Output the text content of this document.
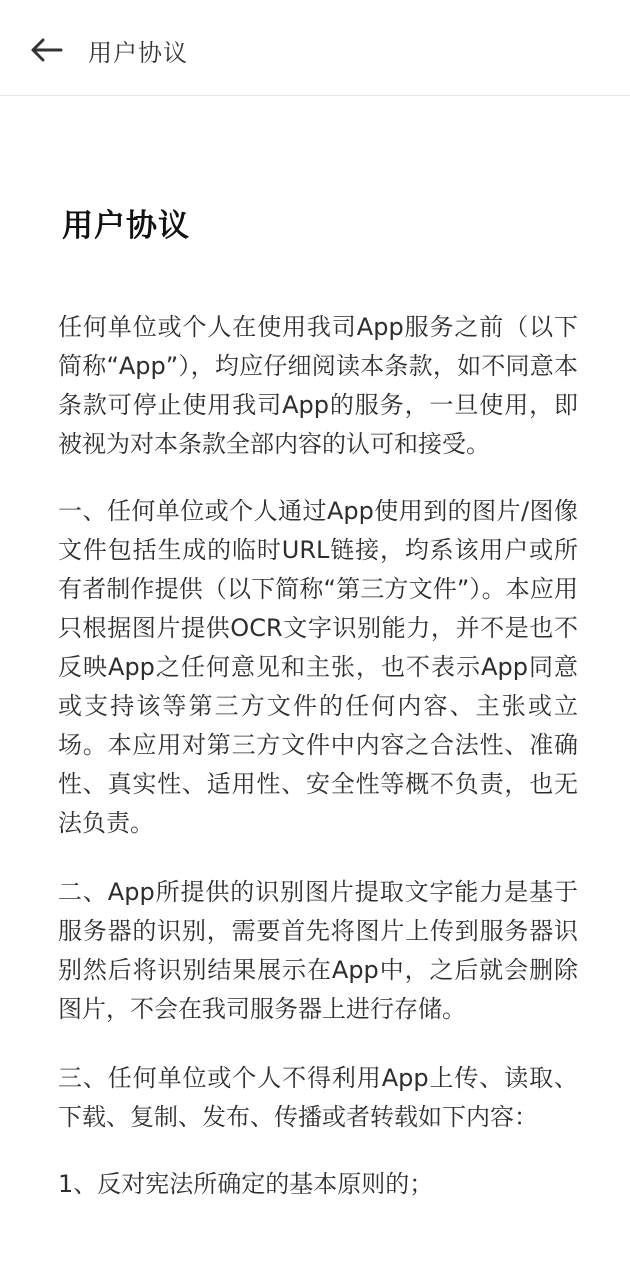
用户协议
用户协议

任何单位或个人在使用我司App服务之前（以下简称“App”），均应仔细阅读本条款，如不同意本条款可停止使用我司App的服务，一旦使用，即被视为对本条款全部内容的认可和接受。

一、任何单位或个人通过App使用到的图片/图像文件包括生成的临时URL链接，均系该用户或所有者制作提供（以下简称“第三方文件”）。本应用只根据图片提供OCR文字识别能力，并不是也不反映App之任何意见和主张，也不表示App同意或支持该等第三方文件的任何内容、主张或立场。本应用对第三方文件中内容之合法性、准确性、真实性、适用性、安全性等概不负责，也无法负责。

二、App所提供的识别图片提取文字能力是基于服务器的识别，需要首先将图片上传到服务器识别然后将识别结果展示在App中，之后就会删除图片，不会在我司服务器上进行存储。

三、任何单位或个人不得利用App上传、读取、下载、复制、发布、传播或者转载如下内容：

1、反对宪法所确定的基本原则的；
